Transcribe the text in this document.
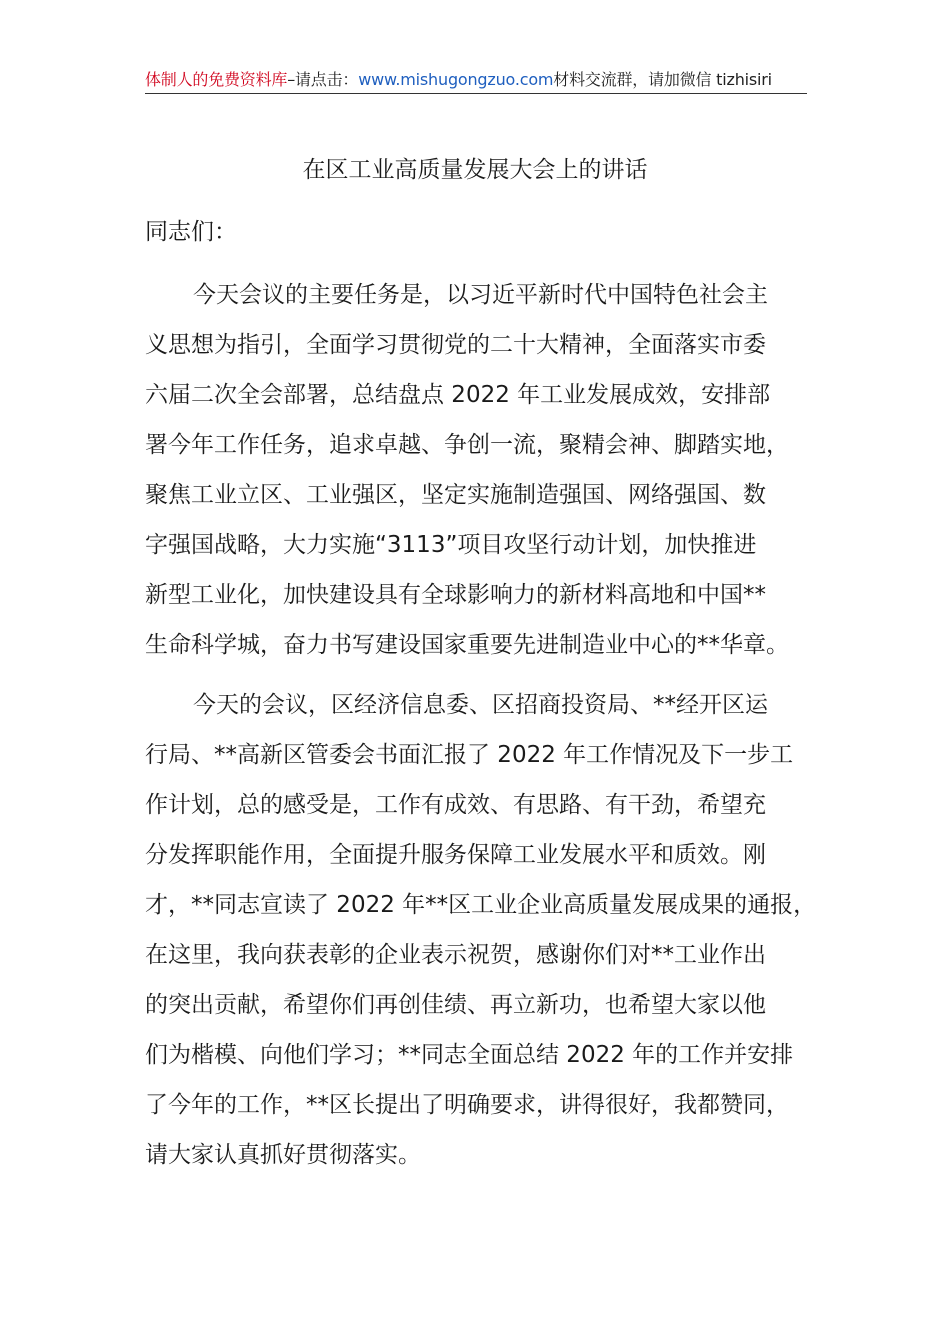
体制人的免费资料库–请点击：www.mishugongzuo.com材料交流群，请加微信 tizhisiri
在区工业高质量发展大会上的讲话
同志们：
今天会议的主要任务是，以习近平新时代中国特色社会主
义思想为指引，全面学习贯彻党的二十大精神，全面落实市委
六届二次全会部署，总结盘点 2022 年工业发展成效，安排部
署今年工作任务，追求卓越、争创一流，聚精会神、脚踏实地，
聚焦工业立区、工业强区，坚定实施制造强国、网络强国、数
字强国战略，大力实施“3113”项目攻坚行动计划，加快推进
新型工业化，加快建设具有全球影响力的新材料高地和中国**
生命科学城，奋力书写建设国家重要先进制造业中心的**华章。
今天的会议，区经济信息委、区招商投资局、**经开区运
行局、**高新区管委会书面汇报了 2022 年工作情况及下一步工
作计划，总的感受是，工作有成效、有思路、有干劲，希望充
分发挥职能作用，全面提升服务保障工业发展水平和质效。刚
才，**同志宣读了 2022 年**区工业企业高质量发展成果的通报，
在这里，我向获表彰的企业表示祝贺，感谢你们对**工业作出
的突出贡献，希望你们再创佳绩、再立新功，也希望大家以他
们为楷模、向他们学习；**同志全面总结 2022 年的工作并安排
了今年的工作，**区长提出了明确要求，讲得很好，我都赞同，
请大家认真抓好贯彻落实。
